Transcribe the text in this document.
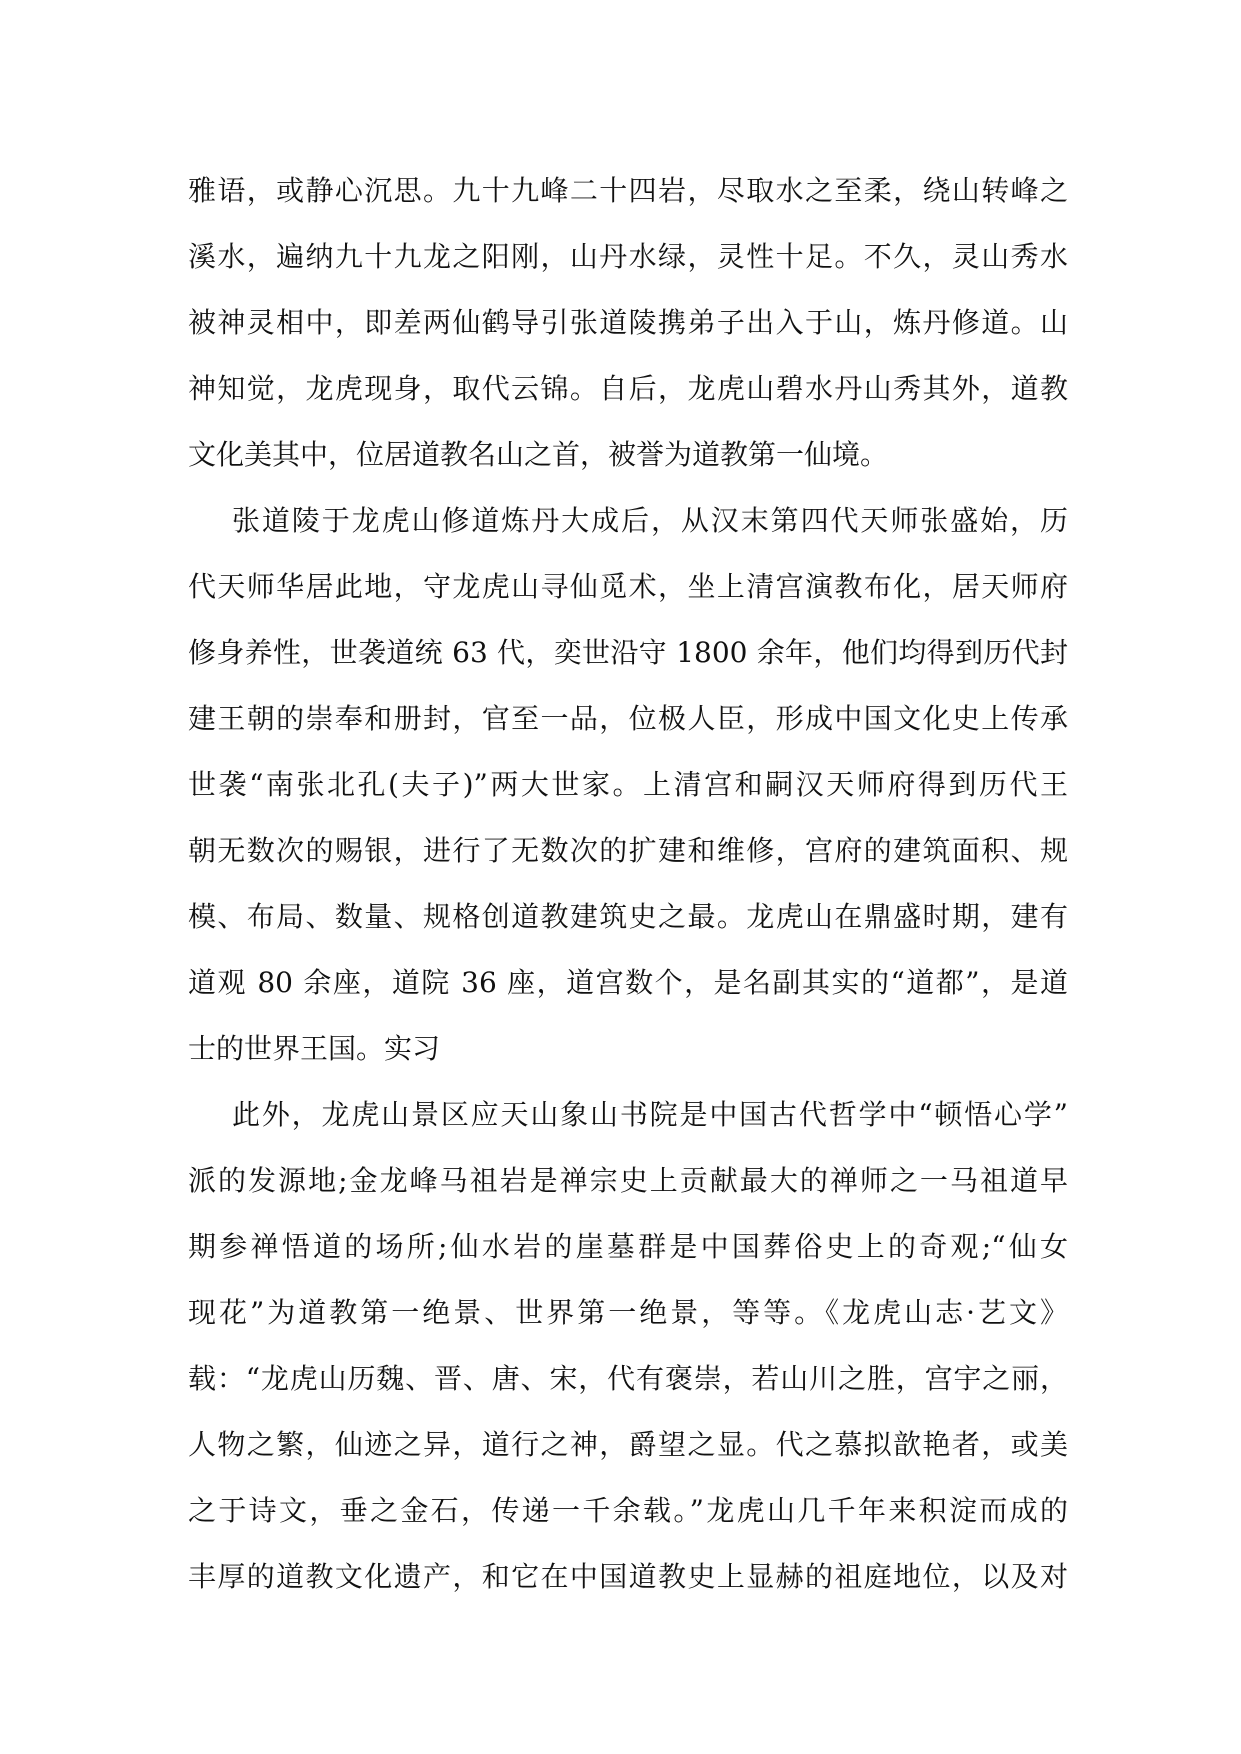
雅语，或静心沉思。九十九峰二十四岩，尽取水之至柔，绕山转峰之
溪水，遍纳九十九龙之阳刚，山丹水绿，灵性十足。不久，灵山秀水
被神灵相中，即差两仙鹤导引张道陵携弟子出入于山，炼丹修道。山
神知觉，龙虎现身，取代云锦。自后，龙虎山碧水丹山秀其外，道教
文化美其中，位居道教名山之首，被誉为道教第一仙境。
张道陵于龙虎山修道炼丹大成后，从汉末第四代天师张盛始，历
代天师华居此地，守龙虎山寻仙觅术，坐上清宫演教布化，居天师府
修身养性，世袭道统 63 代，奕世沿守 1800 余年，他们均得到历代封
建王朝的崇奉和册封，官至一品，位极人臣，形成中国文化史上传承
世袭“南张北孔(夫子)”两大世家。上清宫和嗣汉天师府得到历代王
朝无数次的赐银，进行了无数次的扩建和维修，宫府的建筑面积、规
模、布局、数量、规格创道教建筑史之最。龙虎山在鼎盛时期，建有
道观 80 余座，道院 36 座，道宫数个，是名副其实的“道都”，是道
士的世界王国。实习
此外，龙虎山景区应天山象山书院是中国古代哲学中“顿悟心学”
派的发源地;金龙峰马祖岩是禅宗史上贡献最大的禅师之一马祖道早
期参禅悟道的场所;仙水岩的崖墓群是中国葬俗史上的奇观;“仙女
现花”为道教第一绝景、世界第一绝景，等等。《龙虎山志·艺文》
载：“龙虎山历魏、晋、唐、宋，代有褒崇，若山川之胜，宫宇之丽，
人物之繁，仙迹之异，道行之神，爵望之显。代之慕拟歆艳者，或美
之于诗文，垂之金石，传递一千余载。”龙虎山几千年来积淀而成的
丰厚的道教文化遗产，和它在中国道教史上显赫的祖庭地位，以及对
